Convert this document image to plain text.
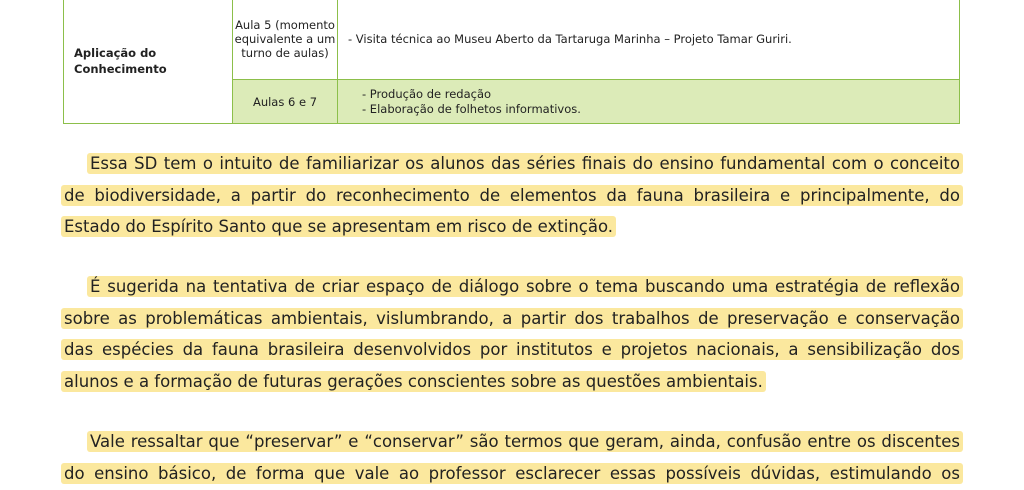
Aplicação do Conhecimento	Aula 5 (momento equivalente a um turno de aulas)	- Visita técnica ao Museu Aberto da Tartaruga Marinha – Projeto Tamar Guriri.
	Aulas 6 e 7	- Produção de redação
- Elaboração de folhetos informativos.
Essa SD tem o intuito de familiarizar os alunos das séries finais do ensino fundamental com o conceito
de biodiversidade, a partir do reconhecimento de elementos da fauna brasileira e principalmente, do
Estado do Espírito Santo que se apresentam em risco de extinção.
É sugerida na tentativa de criar espaço de diálogo sobre o tema buscando uma estratégia de reflexão
sobre as problemáticas ambientais, vislumbrando, a partir dos trabalhos de preservação e conservação
das espécies da fauna brasileira desenvolvidos por institutos e projetos nacionais, a sensibilização dos
alunos e a formação de futuras gerações conscientes sobre as questões ambientais.
Vale ressaltar que “preservar” e “conservar” são termos que geram, ainda, confusão entre os discentes
do ensino básico, de forma que vale ao professor esclarecer essas possíveis dúvidas, estimulando os
